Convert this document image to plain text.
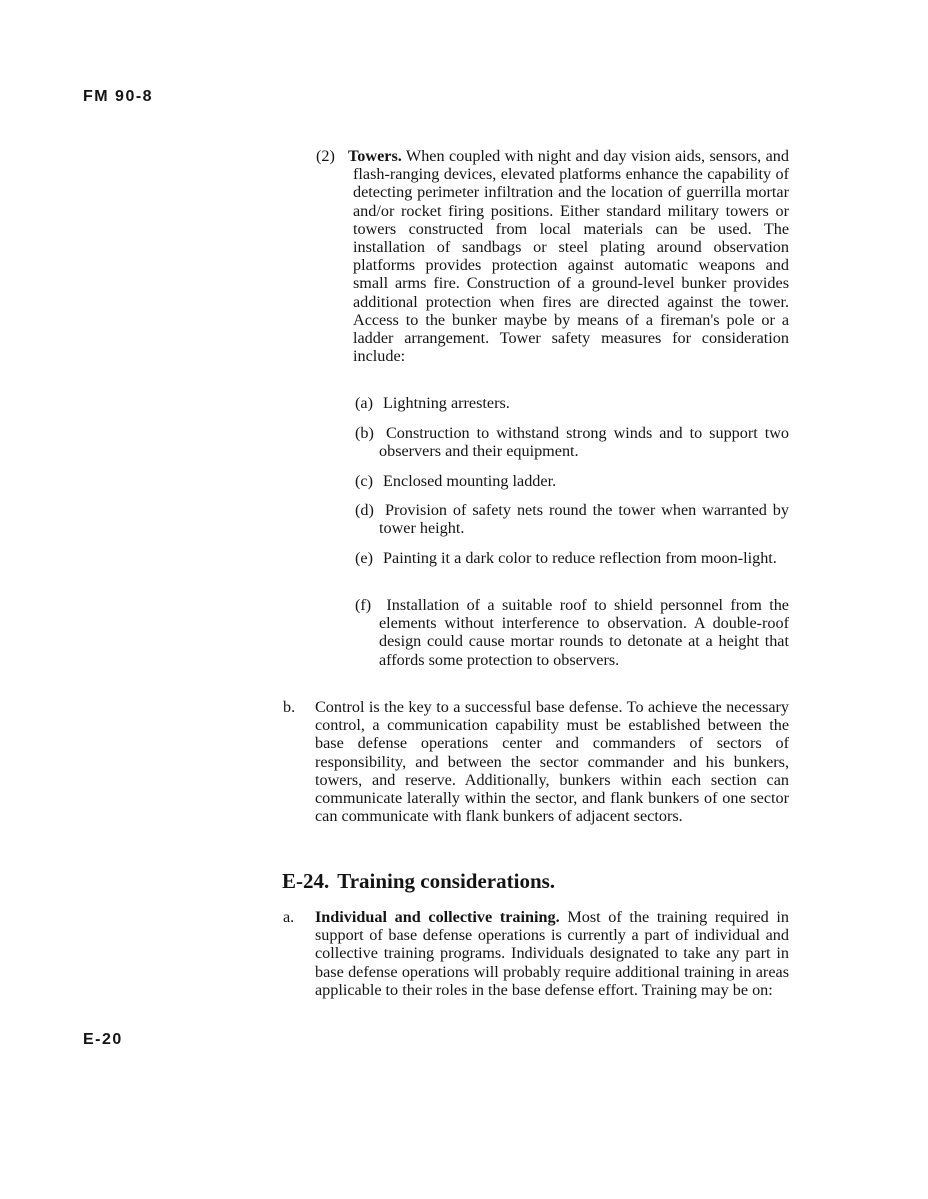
FM 90-8

(2) Towers. When coupled with night and day vision aids, sensors, and flash-ranging devices, elevated platforms enhance the capability of detecting perimeter infiltration and the location of guerrilla mortar and/or rocket firing positions. Either standard military towers or towers constructed from local materials can be used. The installation of sandbags or steel plating around observation platforms provides protection against automatic weapons and small arms fire. Construction of a ground-level bunker provides additional protection when fires are directed against the tower. Access to the bunker maybe by means of a fireman's pole or a ladder arrangement. Tower safety measures for consideration include:

(a) Lightning arresters.

(b) Construction to withstand strong winds and to support two observers and their equipment.

(c) Enclosed mounting ladder.

(d) Provision of safety nets round the tower when warranted by tower height.

(e) Painting it a dark color to reduce reflection from moon-light.

(f) Installation of a suitable roof to shield personnel from the elements without interference to observation. A double-roof design could cause mortar rounds to detonate at a height that affords some protection to observers.

b. Control is the key to a successful base defense. To achieve the necessary control, a communication capability must be established between the base defense operations center and commanders of sectors of responsibility, and between the sector commander and his bunkers, towers, and reserve. Additionally, bunkers within each section can communicate laterally within the sector, and flank bunkers of one sector can communicate with flank bunkers of adjacent sectors.

E-24. Training considerations.

a. Individual and collective training. Most of the training required in support of base defense operations is currently a part of individual and collective training programs. Individuals designated to take any part in base defense operations will probably require additional training in areas applicable to their roles in the base defense effort. Training may be on:

E-20
